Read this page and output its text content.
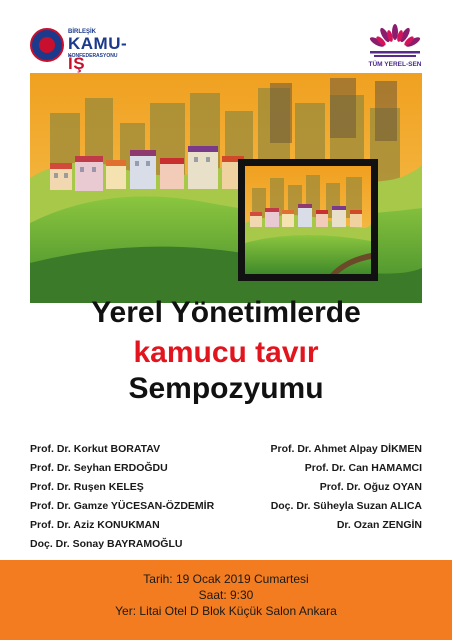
BİRLEŞİK
KAMU-İŞ
KONFEDERASYONU
TÜM YEREL-SEN
Yerel Yönetimlerde
kamucu tavır
Sempozyumu
Prof. Dr. Korkut BORATAV
Prof. Dr. Seyhan ERDOĞDU
Prof. Dr. Ruşen KELEŞ
Prof. Dr. Gamze YÜCESAN-ÖZDEMİR
Prof. Dr. Aziz KONUKMAN
Doç. Dr. Sonay BAYRAMOĞLU
Prof. Dr. Ahmet Alpay DİKMEN
Prof. Dr. Can HAMAMCI
Prof. Dr. Oğuz OYAN
Doç. Dr. Süheyla Suzan ALICA
Dr. Ozan ZENGİN
Tarih: 19 Ocak 2019 Cumartesi
Saat: 9:30
Yer: Litai Otel D Blok Küçük Salon Ankara
